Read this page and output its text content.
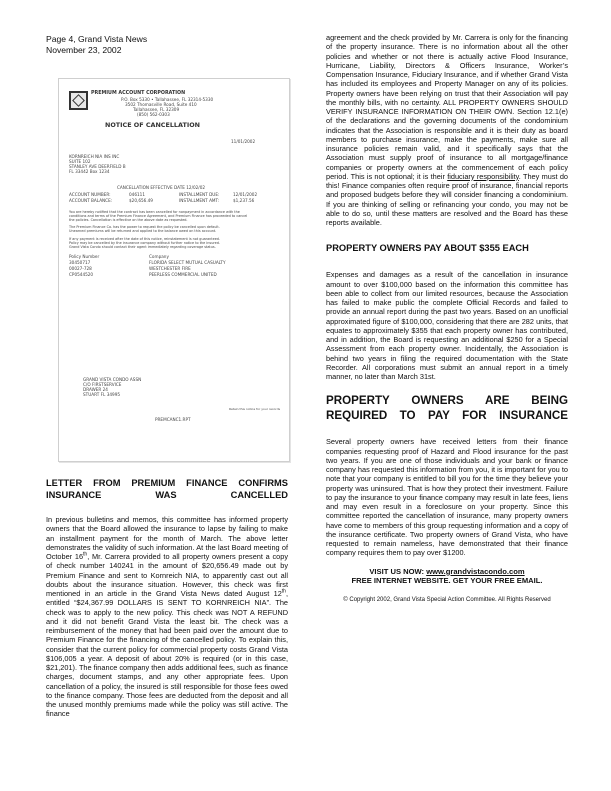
Page 4, Grand Vista News
November 23, 2002
PREMIUM ACCOUNT CORPORATION
P.O. Box 5330 • Tallahassee, FL 32314-5330
3502 Thomasville Road, Suite 410
Tallahassee, FL 32309
(850) 562-0303
11/01/2002
NOTICE OF CANCELLATION
KORNREICH NIA INS INC
SUITE 102
STANLEY AVE DEERFIELD B
FL 33442 Box 1234
CANCELLATION EFFECTIVE DATE 12/02/02
ACCOUNT NUMBER:	046111	INSTALLMENT DUE:	12/01/2002
ACCOUNT BALANCE:	$20,656.49	INSTALLMENT AMT:	$1,237.56
You are hereby notified that the contract has been cancelled for nonpayment in accordance with the
conditions and terms of the Premium Finance Agreement, and Premium Finance has proceeded to cancel
the policies. Cancellation is effective on the above date as requested.
The Premium Finance Co. has the power to request the policy be cancelled upon default.
Unearned premiums will be returned and applied to the balance owed on this account.
If any payment is received after the date of this notice, reinstatement is not guaranteed.
Policy may be cancelled by the insurance company without further notice to the insured.
Grand Vista Condo should contact their agent immediately regarding coverage status.
Policy Number	Company
30450717	FLORIDA SELECT MUTUAL CASUALTY
00027-728	WESTCHESTER FIRE
CP0544520	PEERLESS COMMERCIAL UNITED
GRAND VISTA CONDO ASSN
C/O FIRSTSERVICE
DRAWER 24
STUART FL 34995
Retain this notice for your records
PREMCANC1.RPT
LETTER FROM PREMIUM FINANCE CONFIRMS INSURANCE WAS CANCELLED

In previous bulletins and memos, this committee has informed property owners that the Board allowed the insurance to lapse by failing to make an installment payment for the month of March. The above letter demonstrates the validity of such information. At the last Board meeting of October 16th, Mr. Carrera provided to all property owners present a copy of check number 140241 in the amount of $20,656.49 made out by Premium Finance and sent to Kornreich NIA, to apparently cast out all doubts about the insurance situation. However, this check was first mentioned in an article in the Grand Vista News dated August 12th, entitled “$24,367.99 DOLLARS IS SENT TO KORNREICH NIA”. The check was to apply to the new policy. This check was NOT A REFUND and it did not benefit Grand Vista the least bit. The check was a reimbursement of the money that had been paid over the amount due to Premium Finance for the financing of the cancelled policy. To explain this, consider that the current policy for commercial property costs Grand Vista $106,005 a year. A deposit of about 20% is required (or in this case, $21,201). The finance company then adds additional fees, such as finance charges, document stamps, and any other appropriate fees. Upon cancellation of a policy, the insured is still responsible for those fees owed to the finance company. Those fees are deducted from the deposit and all the unused monthly premiums made while the policy was still active. The finance

agreement and the check provided by Mr. Carrera is only for the financing of the property insurance. There is no information about all the other policies and whether or not there is actually active Flood Insurance, Hurricane, Liability, Directors & Officers Insurance, Worker’s Compensation Insurance, Fiduciary Insurance, and if whether Grand Vista has included its employees and Property Manager on any of its policies. Property owners have been relying on trust that their Association will pay the monthly bills, with no certainty. ALL PROPERTY OWNERS SHOULD VERIFY INSURANCE INFORMATION ON THEIR OWN. Section 12.1(e) of the declarations and the governing documents of the condominium indicates that the Association is responsible and it is their duty as board members to purchase insurance, make the payments, make sure all insurance policies remain valid, and it specifically says that the Association must supply proof of insurance to all mortgage/finance companies or property owners at the commencement of each policy period. This is not optional; it is their fiduciary responsibility. They must do this! Finance companies often require proof of insurance, financial reports and proposed budgets before they will consider financing a condominium. If you are thinking of selling or refinancing your condo, you may not be able to do so, until these matters are resolved and the Board has these reports available.

PROPERTY OWNERS PAY ABOUT $355 EACH

Expenses and damages as a result of the cancellation in insurance amount to over $100,000 based on the information this committee has been able to collect from our limited resources, because the Association has failed to make public the complete Official Records and failed to provide an annual report during the past two years. Based on an unofficial approximated figure of $100,000, considering that there are 282 units, that equates to approximately $355 that each property owner has contributed, and in addition, the Board is requesting an additional $250 for a Special Assessment from each property owner. Incidentally, the Association is behind two years in filing the required documentation with the State Recorder. All corporations must submit an annual report in a timely manner, no later than March 31st.

PROPERTY OWNERS ARE BEING REQUIRED TO PAY FOR INSURANCE

Several property owners have received letters from their finance companies requesting proof of Hazard and Flood insurance for the past two years. If you are one of those individuals and your bank or finance company has requested this information from you, it is important for you to note that your company is entitled to bill you for the time they believe your property was uninsured. That is how they protect their investment. Failure to pay the insurance to your finance company may result in late fees, liens and may even result in a foreclosure on your property. Since this committee reported the cancellation of insurance, many property owners have come to members of this group requesting information and a copy of the insurance certificate. Two property owners of Grand Vista, who have requested to remain nameless, have demonstrated that their finance company requires them to pay over $1200.

VISIT US NOW: www.grandvistacondo.com
FREE INTERNET WEBSITE. GET YOUR FREE EMAIL.
© Copyright 2002, Grand Vista Special Action Committee. All Rights Reserved
